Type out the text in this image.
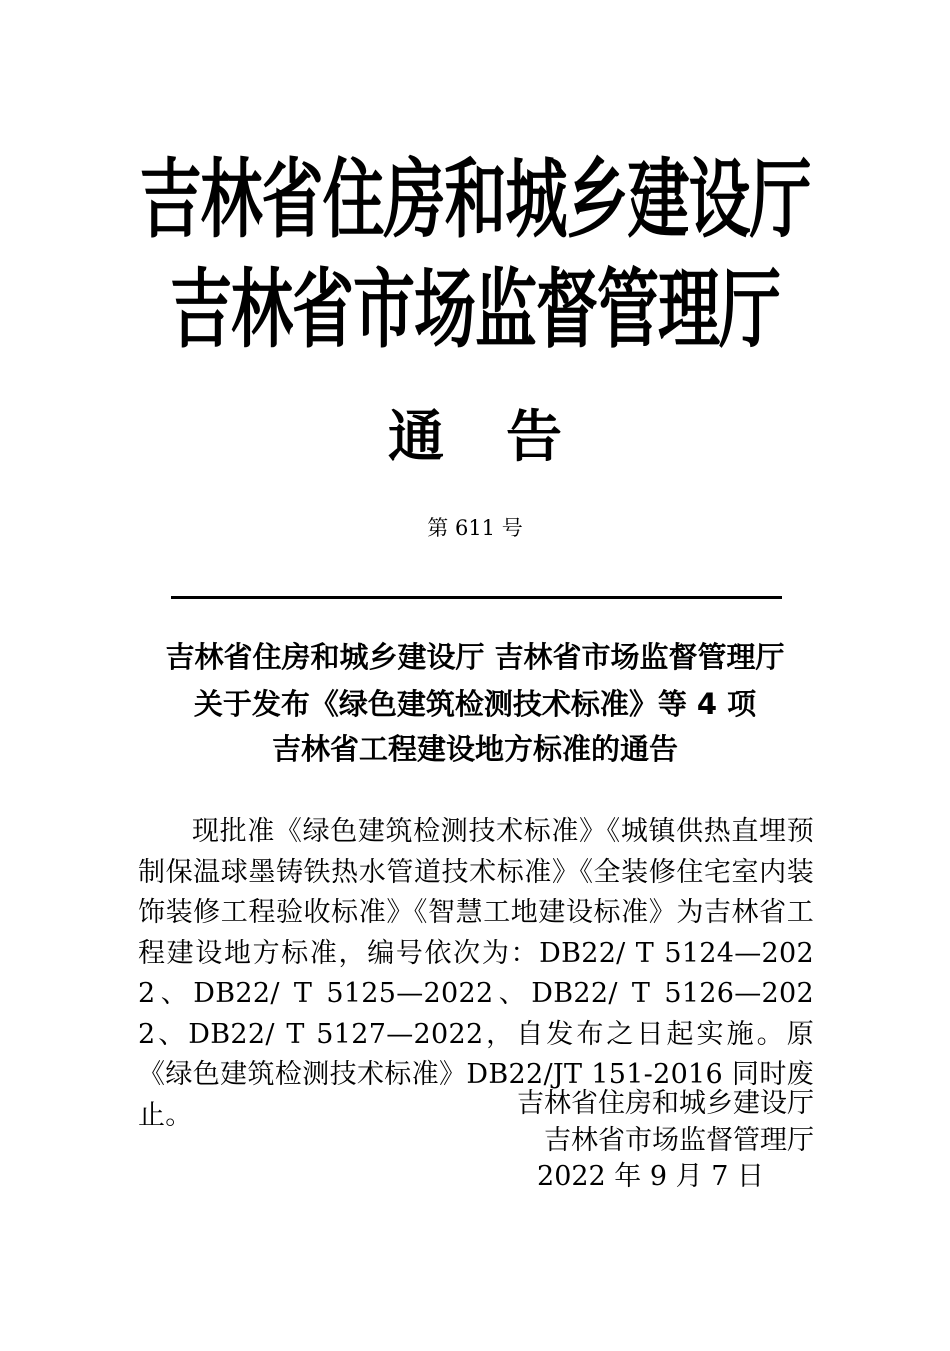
吉林省住房和城乡建设厅
吉林省市场监督管理厅
通告
第 611 号
吉林省住房和城乡建设厅 吉林省市场监督管理厅
关于发布《绿色建筑检测技术标准》等 4 项
吉林省工程建设地方标准的通告

现批准《绿色建筑检测技术标准》《城镇供热直埋预制保温球墨铸铁热水管道技术标准》《全装修住宅室内装饰装修工程验收标准》《智慧工地建设标准》为吉林省工程建设地方标准，编号依次为：DB22/ T 5124—2022、DB22/ T 5125—2022、DB22/ T 5126—2022、DB22/ T 5127—2022，自发布之日起实施。原《绿色建筑检测技术标准》DB22/JT 151-2016 同时废止。	吉林省住房和城乡建设厅
吉林省市场监督管理厅
2022 年 9 月 7 日
